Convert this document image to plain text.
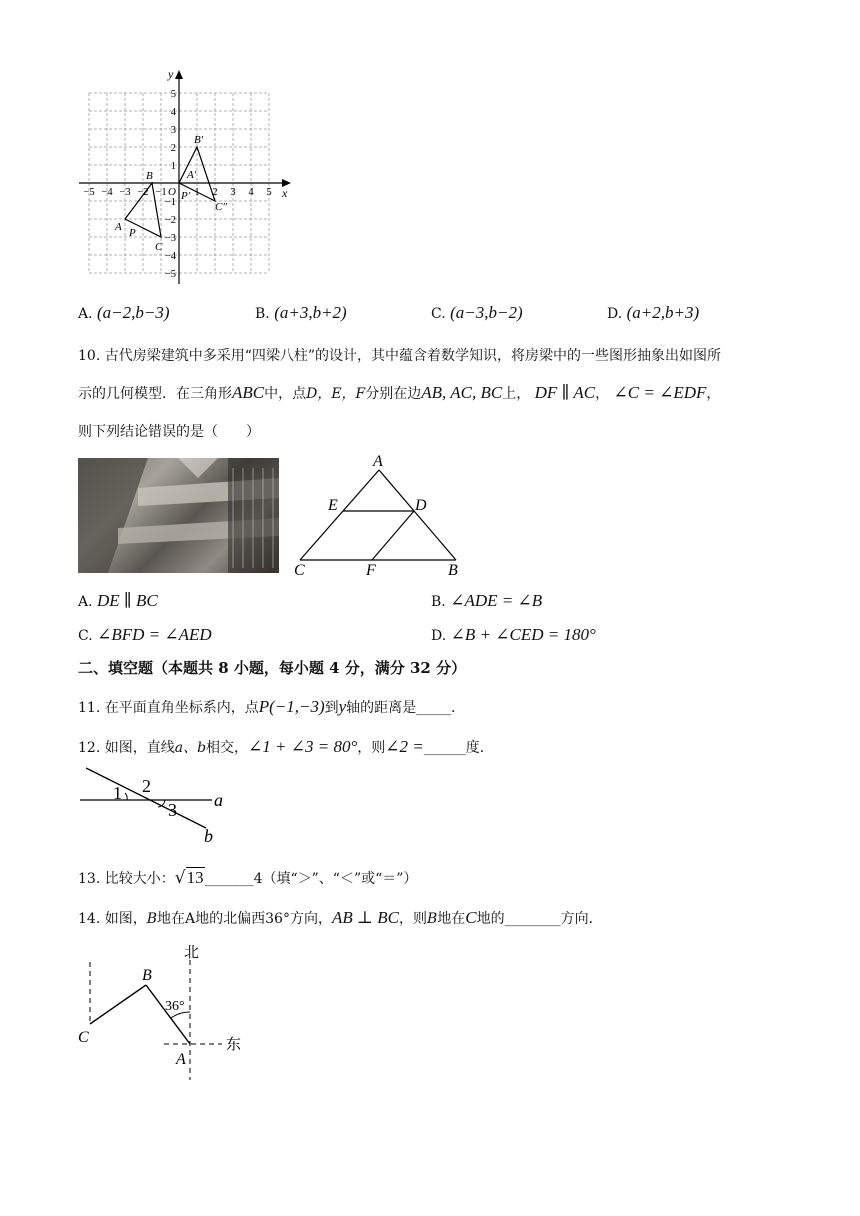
x
y
O
−5 −4 −3 −2 −1	1 2 3 4 5
5
4
3
2
1
−1
−2
−3
−4
−5
A
B
C
P
B′
A′
P′
C″
A. (a−2,b−3)	B. (a+3,b+2)	C. (a−3,b−2)	D. (a+2,b+3)
10. 古代房梁建筑中多采用“四梁八柱”的设计，其中蕴含着数学知识，将房梁中的一些图形抽象出如图所
示的几何模型．在三角形ABC中，点D，E，F分别在边AB, AC, BC上， DF ∥ AC， ∠C = ∠EDF，
则下列结论错误的是（　　）
A
E	D
C	F	B
A. DE ∥ BC	B. ∠ADE = ∠B
C. ∠BFD = ∠AED	D. ∠B + ∠CED = 180°
二、填空题（本题共 8 小题，每小题 4 分，满分 32 分）
11. 在平面直角坐标系内，点P(−1,−3)到y轴的距离是_____．
12. 如图，直线a、b相交，∠1 + ∠3 = 80°，则∠2 =______度．
1 2
3 a
b
13. 比较大小：√13_______4（填“＞”、“＜”或“＝”）
14. 如图，B地在A地的北偏西36°方向，AB ⊥ BC，则B地在C地的________方向．
北
东
36°
B
C
A
